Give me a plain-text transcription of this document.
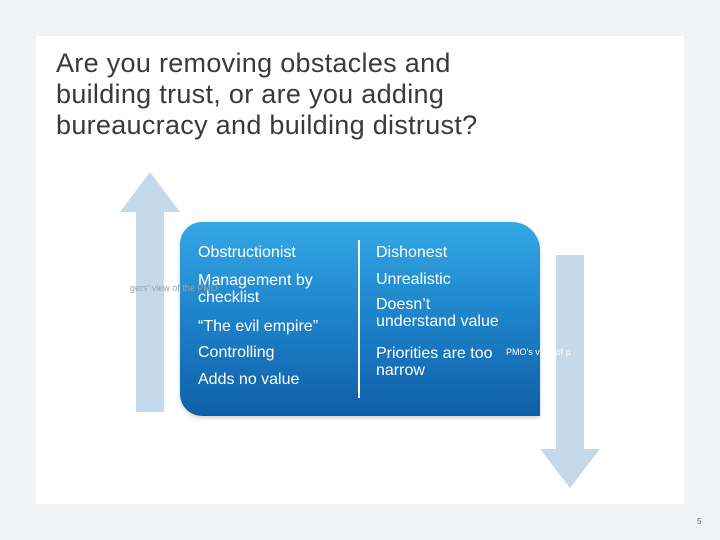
Are you removing obstacles and
building trust, or are you adding
bureaucracy and building distrust?
Obstructionist
Management by
checklist
“The evil empire”
Controlling
Adds no value
Dishonest
Unrealistic
Doesn’t
understand value
Priorities are too
narrow
gers' view of the PMO
PMO's view of p
5
